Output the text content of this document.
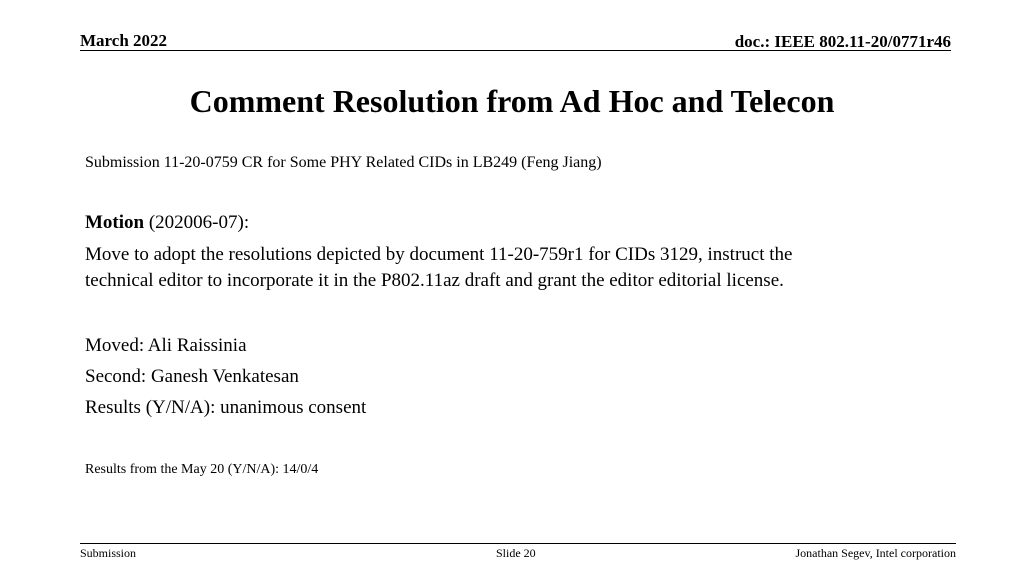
March 2022	doc.: IEEE 802.11-20/0771r46
Comment Resolution from Ad Hoc and Telecon
Submission 11-20-0759 CR for Some PHY Related CIDs in LB249 (Feng Jiang)
Motion (202006-07):
Move to adopt the resolutions depicted by document 11-20-759r1 for CIDs 3129, instruct the
technical editor to incorporate it in the P802.11az draft and grant the editor editorial license.
Moved: Ali Raissinia
Second: Ganesh Venkatesan
Results (Y/N/A): unanimous consent
Results from the May 20 (Y/N/A): 14/0/4
Submission	Slide 20	Jonathan Segev, Intel corporation
